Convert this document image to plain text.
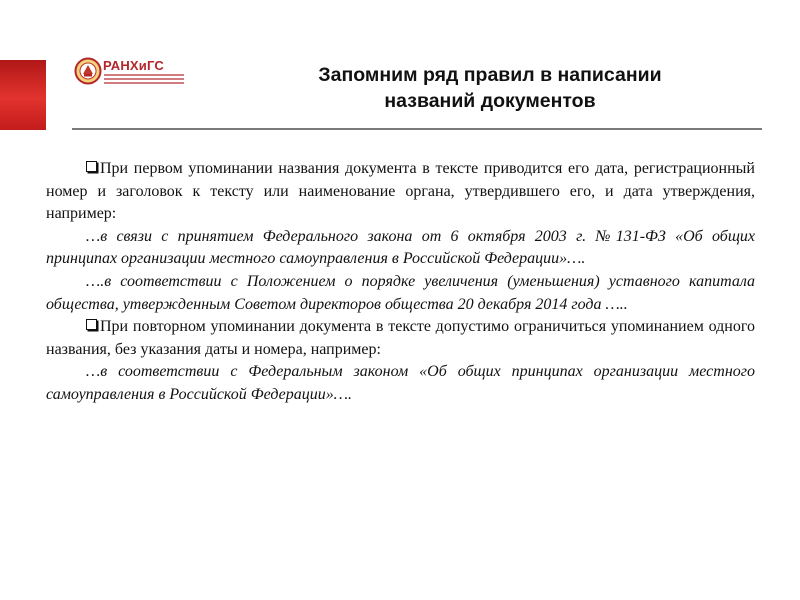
РАНХиГС	Запомним ряд правил в написании
названий документов

При первом упоминании названия документа в тексте приводится его дата, регистрационный номер и заголовок к тексту или наименование органа, утвердившего его, и дата утверждения, например:

…в связи с принятием Федерального закона от 6 октября 2003 г. №131-ФЗ «Об общих принципах организации местного самоуправления в Российской Федерации»….

….в соответствии с Положением о порядке увеличения (уменьшения) уставного капитала общества, утвержденным Советом директоров общества 20 декабря 2014 года …..

При повторном упоминании документа в тексте допустимо ограничиться упоминанием одного названия, без указания даты и номера, например:

…в соответствии с Федеральным законом «Об общих принципах организации местного самоуправления в Российской Федерации»….
